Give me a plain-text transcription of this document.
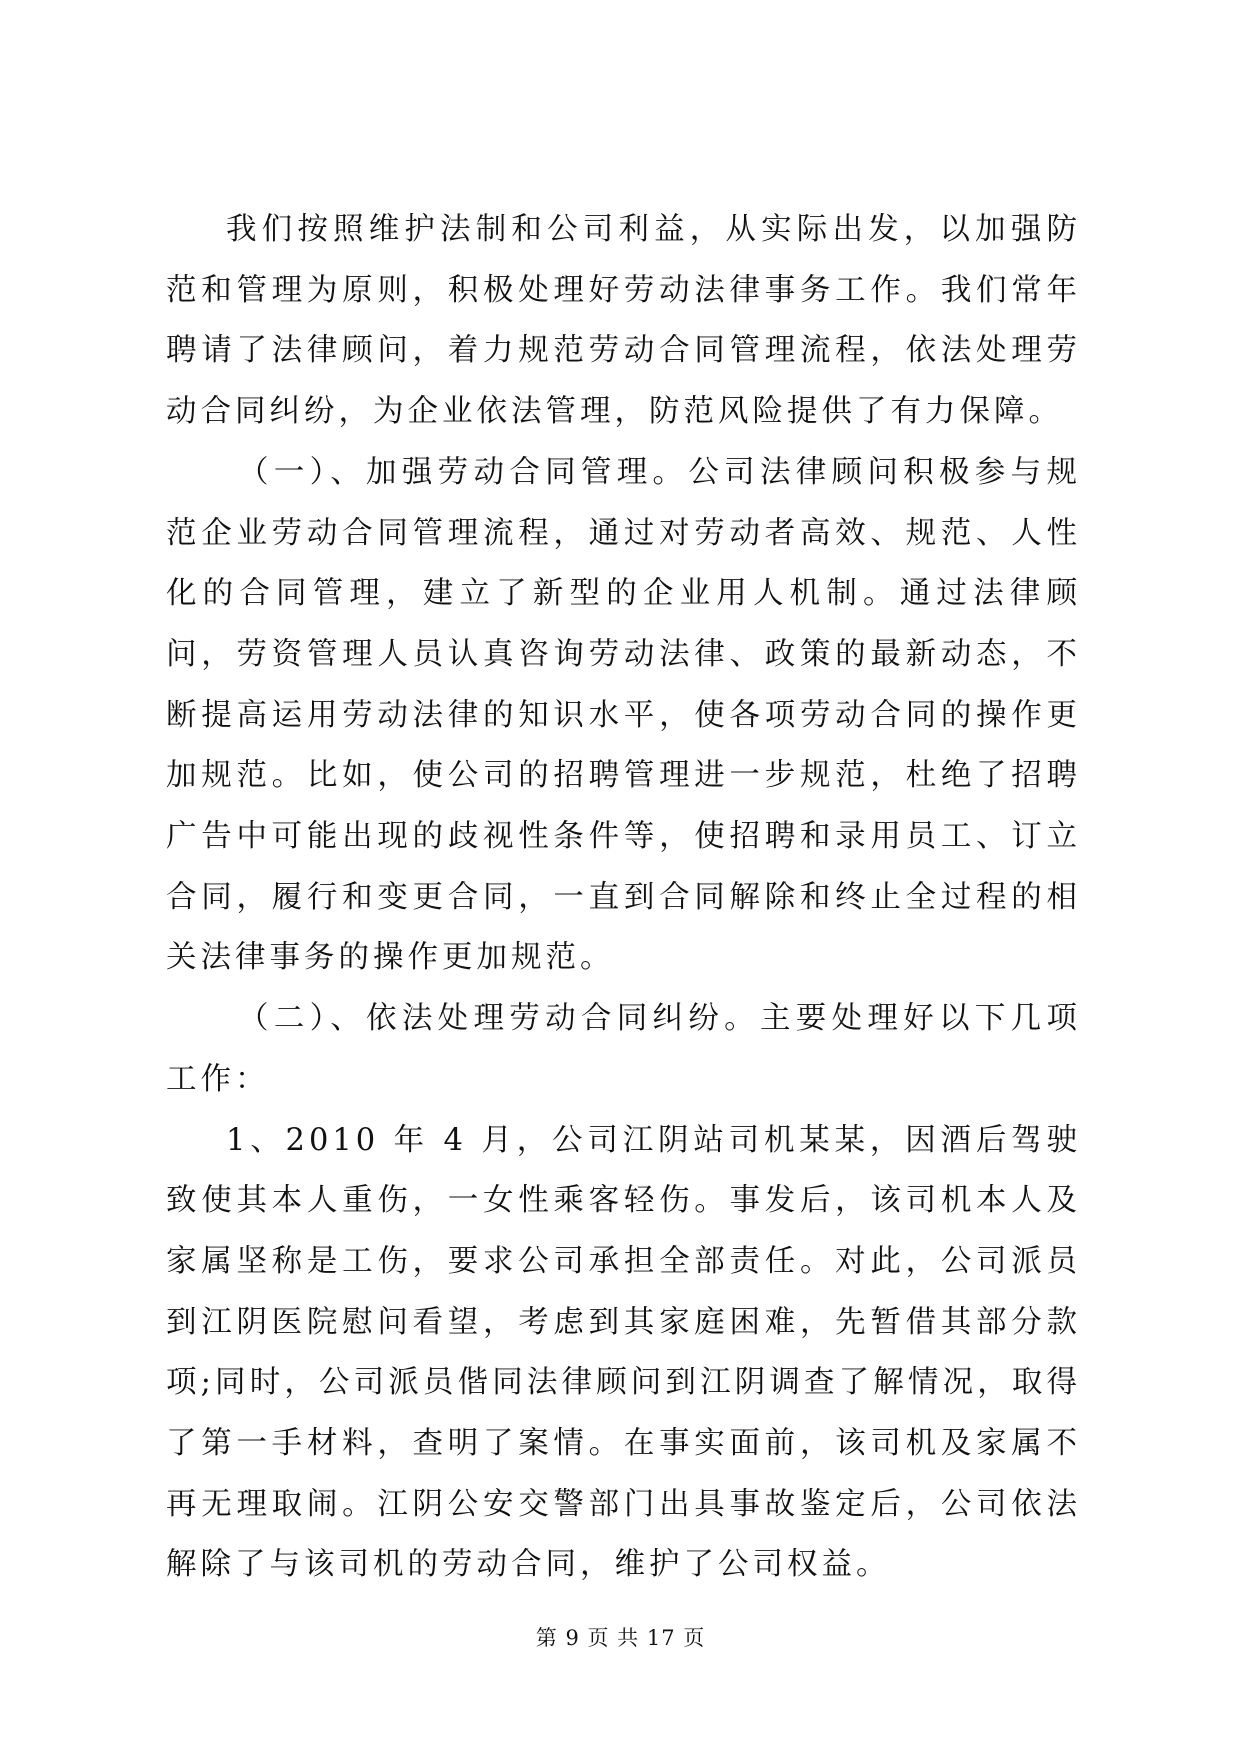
我们按照维护法制和公司利益，从实际出发，以加强防范和管理为原则，积极处理好劳动法律事务工作。我们常年聘请了法律顾问，着力规范劳动合同管理流程，依法处理劳动合同纠纷，为企业依法管理，防范风险提供了有力保障。

（一）、加强劳动合同管理。公司法律顾问积极参与规范企业劳动合同管理流程，通过对劳动者高效、规范、人性化的合同管理，建立了新型的企业用人机制。通过法律顾问，劳资管理人员认真咨询劳动法律、政策的最新动态，不断提高运用劳动法律的知识水平，使各项劳动合同的操作更加规范。比如，使公司的招聘管理进一步规范，杜绝了招聘广告中可能出现的歧视性条件等，使招聘和录用员工、订立合同，履行和变更合同，一直到合同解除和终止全过程的相关法律事务的操作更加规范。

（二）、依法处理劳动合同纠纷。主要处理好以下几项工作：

1、2010 年 4 月，公司江阴站司机某某，因酒后驾驶致使其本人重伤，一女性乘客轻伤。事发后，该司机本人及家属坚称是工伤，要求公司承担全部责任。对此，公司派员到江阴医院慰问看望，考虑到其家庭困难，先暂借其部分款项;同时，公司派员偕同法律顾问到江阴调查了解情况，取得了第一手材料，查明了案情。在事实面前，该司机及家属不再无理取闹。江阴公安交警部门出具事故鉴定后，公司依法解除了与该司机的劳动合同，维护了公司权益。

第 9 页 共 17 页
